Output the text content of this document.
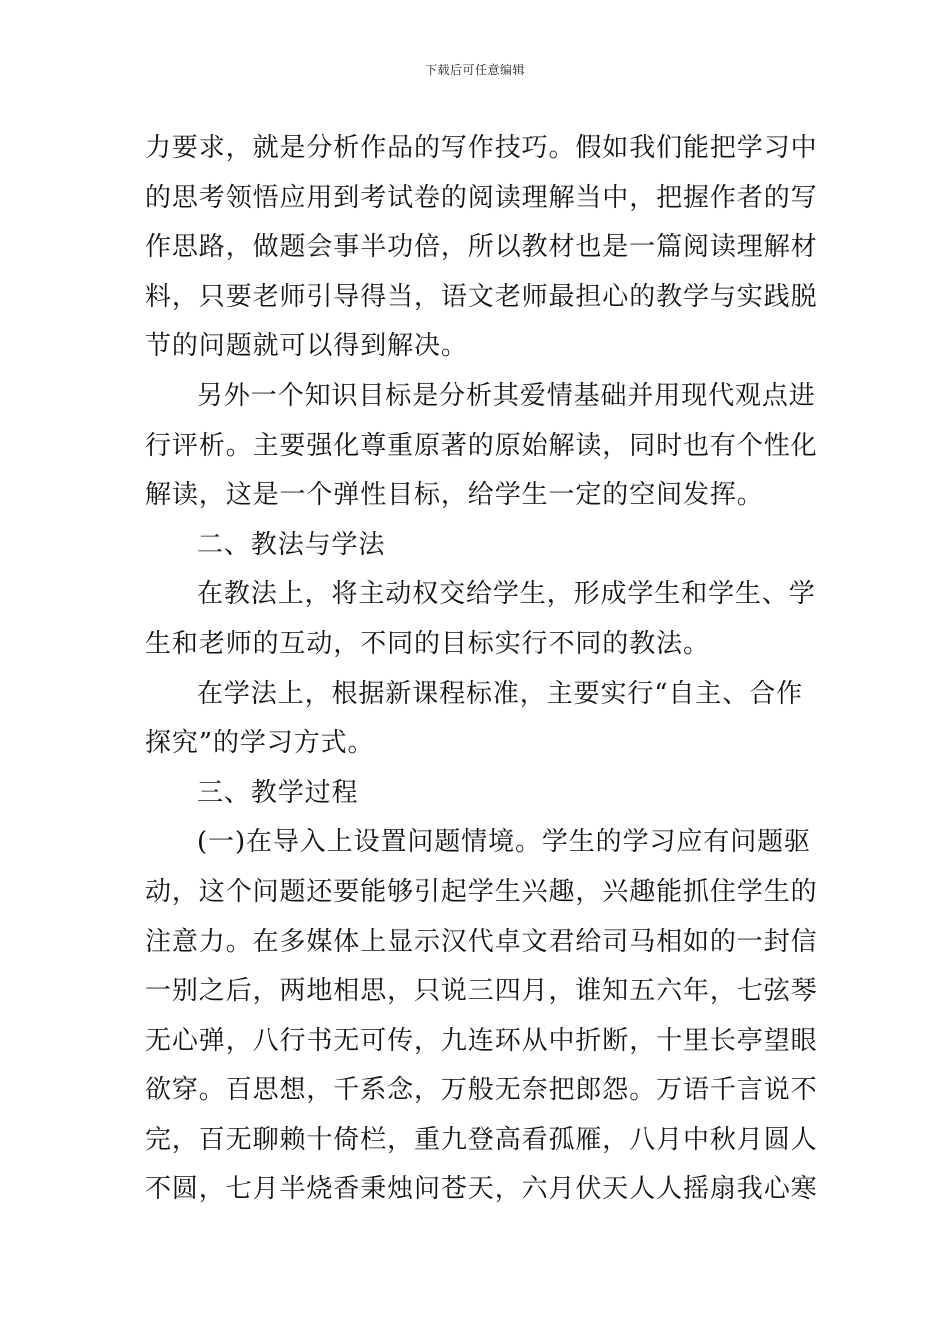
下载后可任意编辑
力要求，就是分析作品的写作技巧。假如我们能把学习中
的思考领悟应用到考试卷的阅读理解当中，把握作者的写
作思路，做题会事半功倍，所以教材也是一篇阅读理解材
料，只要老师引导得当，语文老师最担心的教学与实践脱
节的问题就可以得到解决。
另外一个知识目标是分析其爱情基础并用现代观点进
行评析。主要强化尊重原著的原始解读，同时也有个性化
解读，这是一个弹性目标，给学生一定的空间发挥。
二、教法与学法
在教法上，将主动权交给学生，形成学生和学生、学
生和老师的互动，不同的目标实行不同的教法。
在学法上，根据新课程标准，主要实行“自主、合作
探究”的学习方式。
三、教学过程
(一)在导入上设置问题情境。学生的学习应有问题驱
动，这个问题还要能够引起学生兴趣，兴趣能抓住学生的
注意力。在多媒体上显示汉代卓文君给司马相如的一封信
一别之后，两地相思，只说三四月，谁知五六年，七弦琴
无心弹，八行书无可传，九连环从中折断，十里长亭望眼
欲穿。百思想，千系念，万般无奈把郎怨。万语千言说不
完，百无聊赖十倚栏，重九登高看孤雁，八月中秋月圆人
不圆，七月半烧香秉烛问苍天，六月伏天人人摇扇我心寒
